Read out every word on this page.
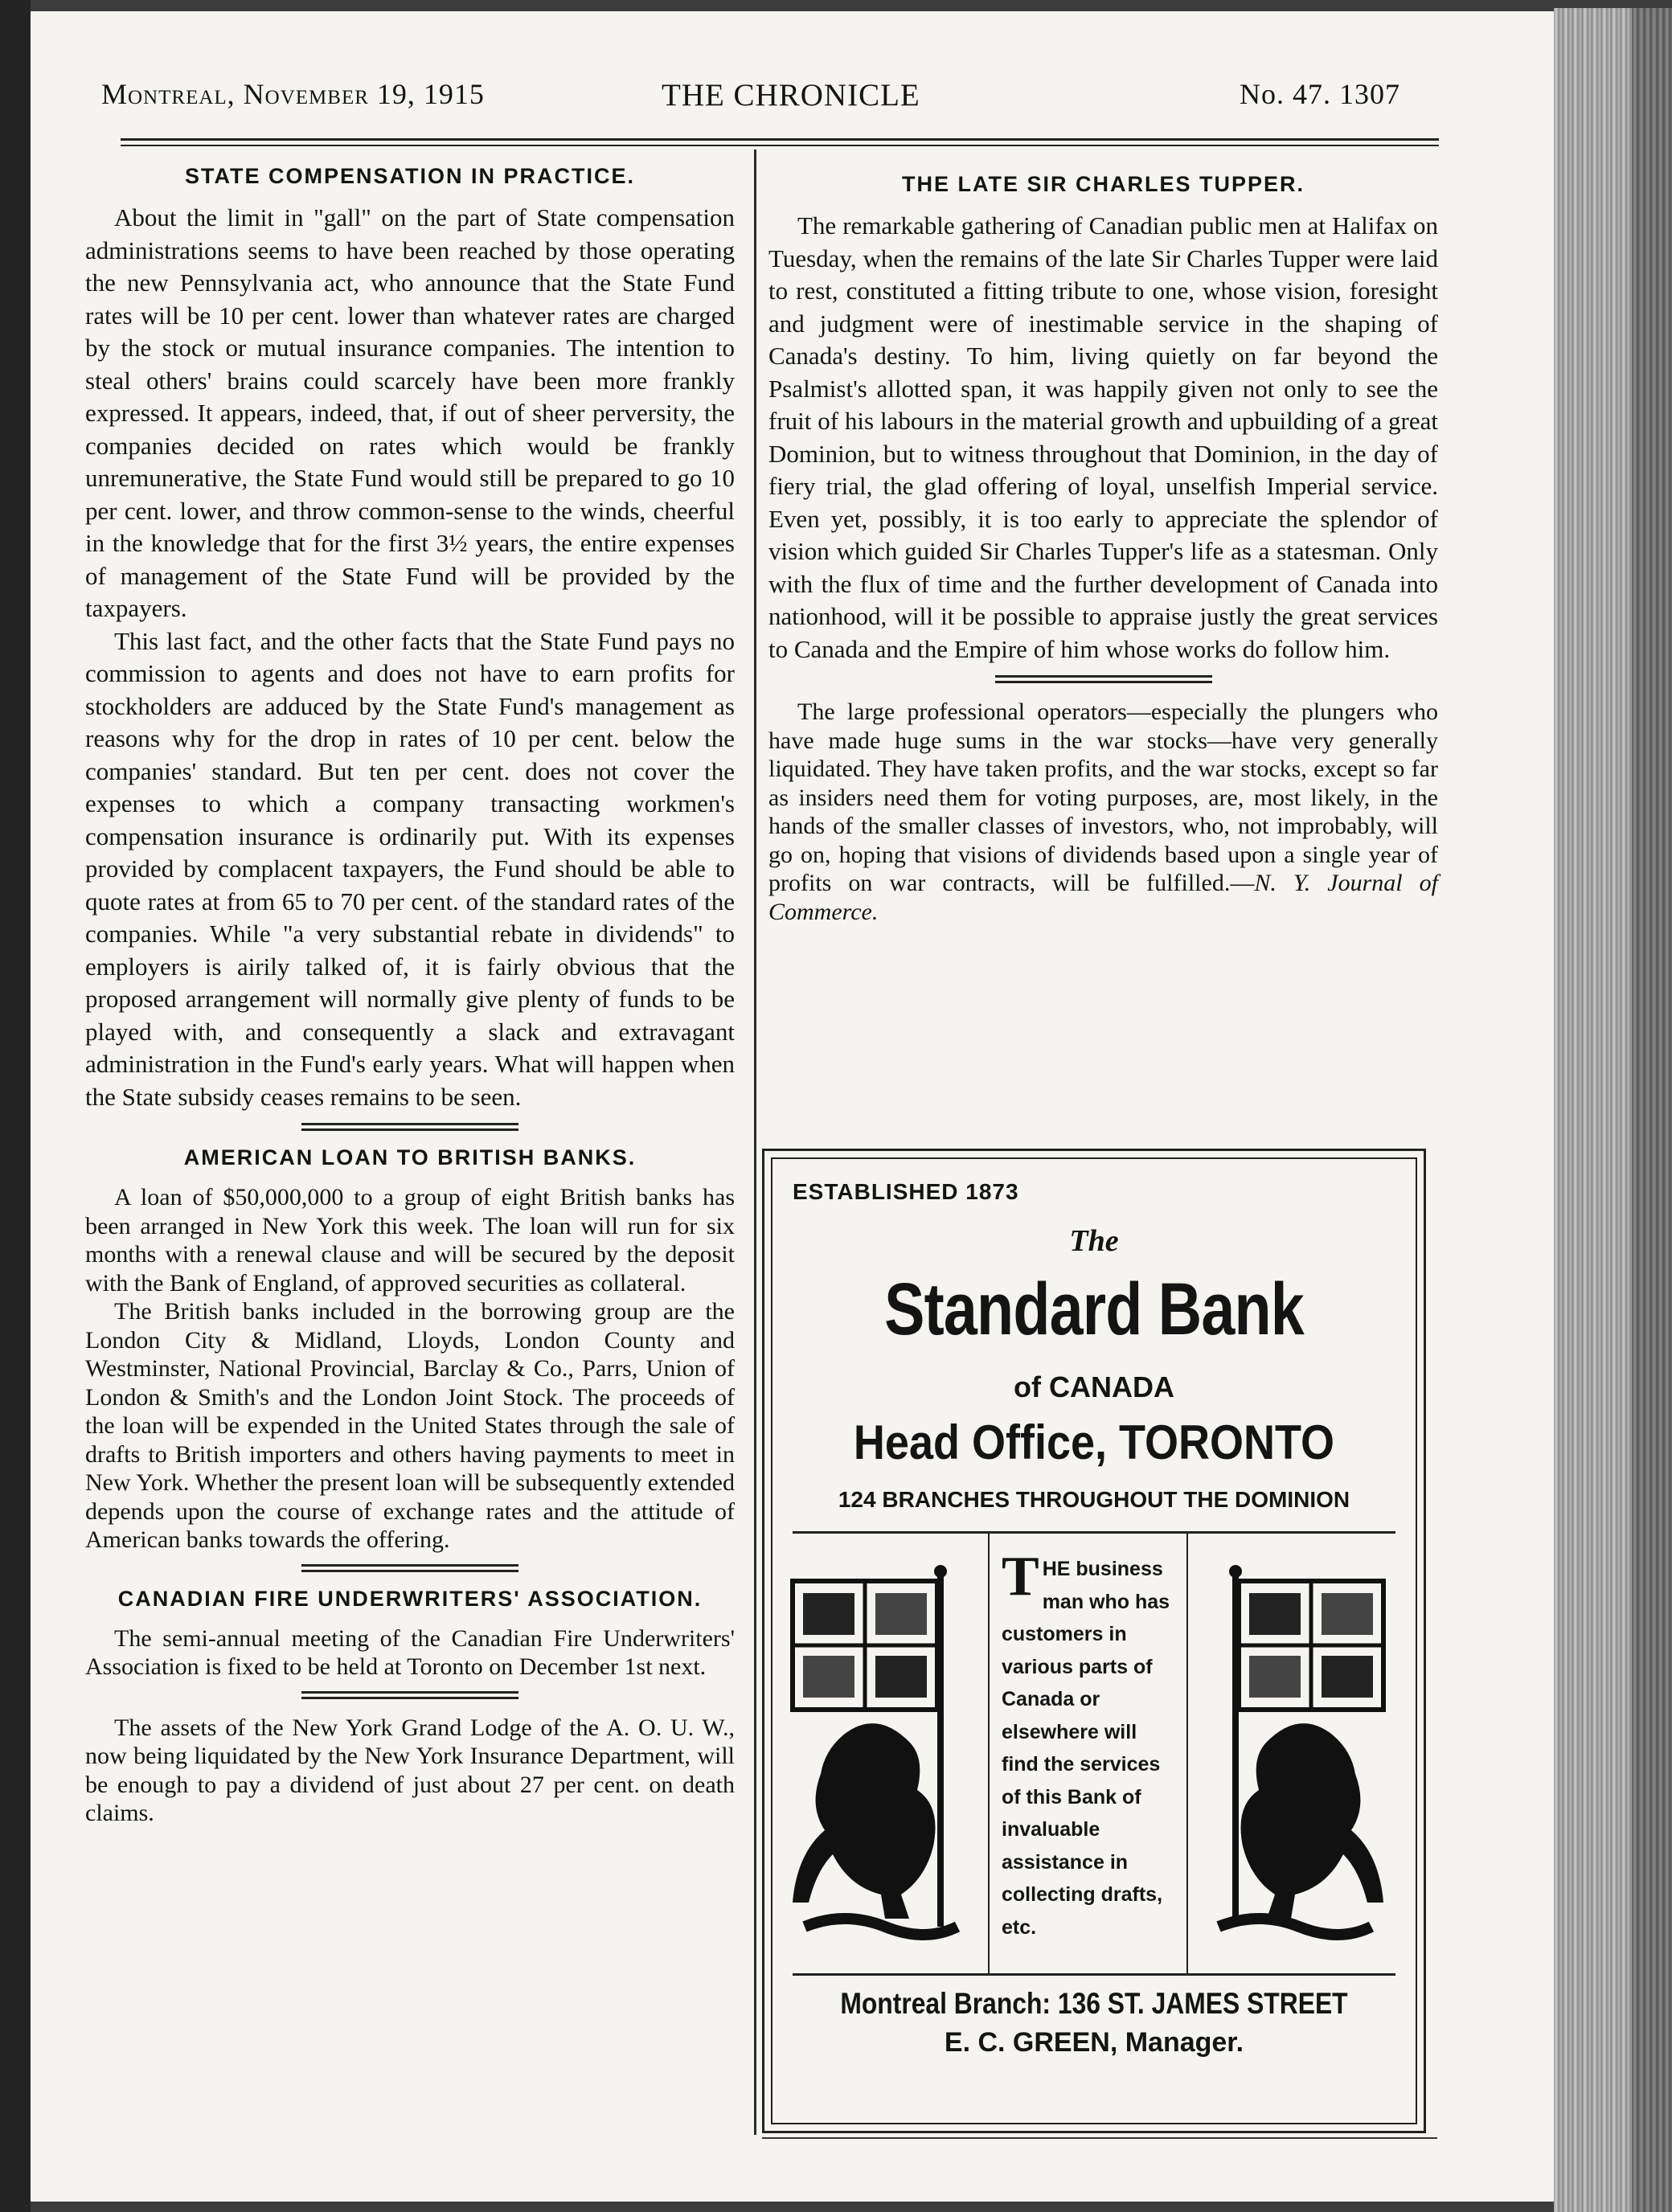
Montreal, November 19, 1915	THE CHRONICLE	No. 47. 1307
STATE COMPENSATION IN PRACTICE.

About the limit in "gall" on the part of State compensation administrations seems to have been reached by those operating the new Pennsylvania act, who announce that the State Fund rates will be 10 per cent. lower than whatever rates are charged by the stock or mutual insurance companies. The intention to steal others' brains could scarcely have been more frankly expressed. It appears, indeed, that, if out of sheer perversity, the companies decided on rates which would be frankly unremunerative, the State Fund would still be prepared to go 10 per cent. lower, and throw common-sense to the winds, cheerful in the knowledge that for the first 3½ years, the entire expenses of management of the State Fund will be provided by the taxpayers.

This last fact, and the other facts that the State Fund pays no commission to agents and does not have to earn profits for stockholders are adduced by the State Fund's management as reasons why for the drop in rates of 10 per cent. below the companies' standard. But ten per cent. does not cover the expenses to which a company transacting workmen's compensation insurance is ordinarily put. With its expenses provided by complacent taxpayers, the Fund should be able to quote rates at from 65 to 70 per cent. of the standard rates of the companies. While "a very substantial rebate in dividends" to employers is airily talked of, it is fairly obvious that the proposed arrangement will normally give plenty of funds to be played with, and consequently a slack and extravagant administration in the Fund's early years. What will happen when the State subsidy ceases remains to be seen.

AMERICAN LOAN TO BRITISH BANKS.

A loan of $50,000,000 to a group of eight British banks has been arranged in New York this week. The loan will run for six months with a renewal clause and will be secured by the deposit with the Bank of England, of approved securities as collateral.

The British banks included in the borrowing group are the London City & Midland, Lloyds, London County and Westminster, National Provincial, Barclay & Co., Parrs, Union of London & Smith's and the London Joint Stock. The proceeds of the loan will be expended in the United States through the sale of drafts to British importers and others having payments to meet in New York. Whether the present loan will be subsequently extended depends upon the course of exchange rates and the attitude of American banks towards the offering.

CANADIAN FIRE UNDERWRITERS' ASSOCIATION.

The semi-annual meeting of the Canadian Fire Underwriters' Association is fixed to be held at Toronto on December 1st next.

The assets of the New York Grand Lodge of the A. O. U. W., now being liquidated by the New York Insurance Department, will be enough to pay a dividend of just about 27 per cent. on death claims.

THE LATE SIR CHARLES TUPPER.

The remarkable gathering of Canadian public men at Halifax on Tuesday, when the remains of the late Sir Charles Tupper were laid to rest, constituted a fitting tribute to one, whose vision, foresight and judgment were of inestimable service in the shaping of Canada's destiny. To him, living quietly on far beyond the Psalmist's allotted span, it was happily given not only to see the fruit of his labours in the material growth and upbuilding of a great Dominion, but to witness throughout that Dominion, in the day of fiery trial, the glad offering of loyal, unselfish Imperial service. Even yet, possibly, it is too early to appreciate the splendor of vision which guided Sir Charles Tupper's life as a statesman. Only with the flux of time and the further development of Canada into nationhood, will it be possible to appraise justly the great services to Canada and the Empire of him whose works do follow him.

The large professional operators—especially the plungers who have made huge sums in the war stocks—have very generally liquidated. They have taken profits, and the war stocks, except so far as insiders need them for voting purposes, are, most likely, in the hands of the smaller classes of investors, who, not improbably, will go on, hoping that visions of dividends based upon a single year of profits on war contracts, will be fulfilled.—N. Y. Journal of Commerce.

ESTABLISHED 1873
The
Standard Bank
of CANADA
Head Office, TORONTO
124 BRANCHES THROUGHOUT THE DOMINION
THE business man who has customers in various parts of Canada or elsewhere will find the services of this Bank of invaluable assistance in collecting drafts, etc.
Montreal Branch: 136 ST. JAMES STREET
E. C. GREEN, Manager.
